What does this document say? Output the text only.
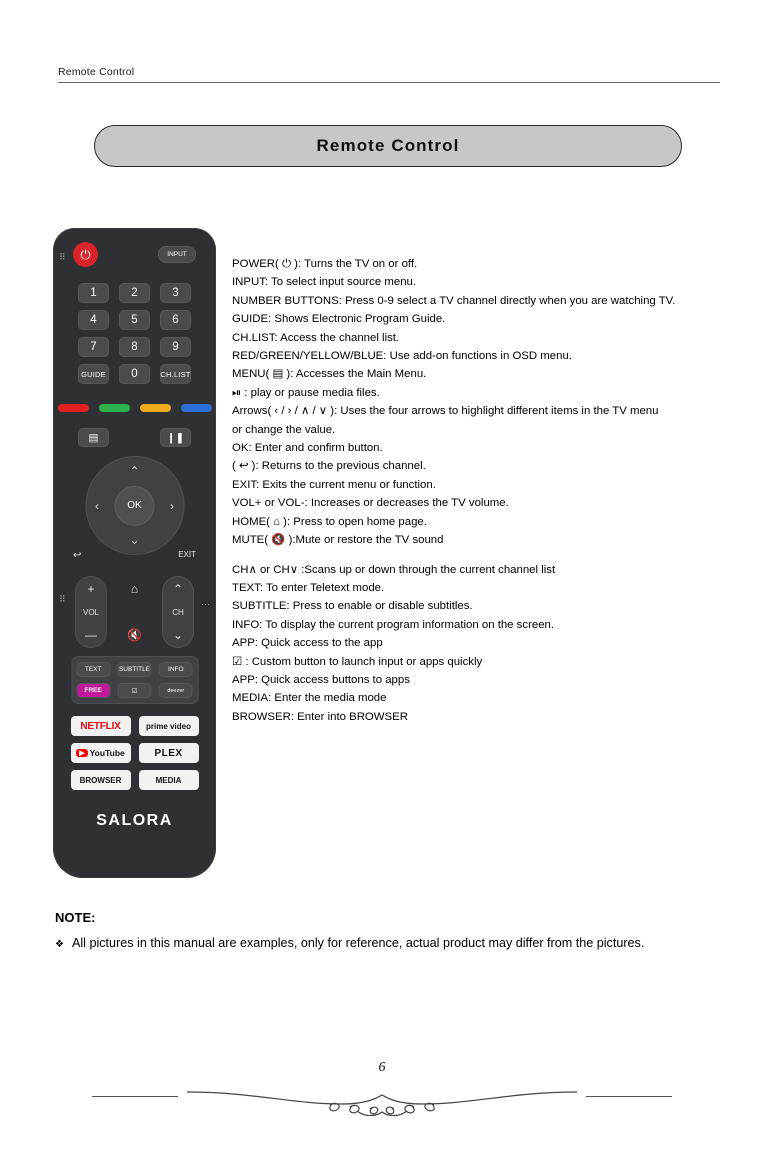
Remote Control
Remote Control
⠿
⠿	⋯
⏻	INPUT
1	2	3
4	5	6
7	8	9
GUIDE	0	CH.LIST
▤	❙❚
⌃
⌄
‹	›
OK
↩	EXIT
+
VOL
—
⌂
🔇
⌃
CH
⌄
TEXT	SUBTITLE	INFO
FREE	☑	deezer
NETFLIX	prime video
▶ YouTube	PLEX
BROWSER	MEDIA
SALORA

POWER( ⏻ ): Turns the TV on or off.

INPUT: To select input source menu.

NUMBER BUTTONS: Press 0-9 select a TV channel directly when you are watching TV.

GUIDE: Shows Electronic Program Guide.

CH.LIST: Access the channel list.

RED/GREEN/YELLOW/BLUE: Use add-on functions in OSD menu.

MENU( ▤ ): Accesses the Main Menu.

⏯ : play or pause media files.

Arrows( ‹ / › / ∧ / ∨ ): Uses the four arrows to highlight different items in the TV menu

or change the value.

OK: Enter and confirm button.

( ↩ ): Returns to the previous channel.

EXIT: Exits the current menu or function.

VOL+ or VOL-: Increases or decreases the TV volume.

HOME( ⌂ ): Press to open home page.

MUTE( 🔇 ):Mute or restore the TV sound

CH∧ or CH∨ :Scans up or down through the current channel list

TEXT: To enter Teletext mode.

SUBTITLE: Press to enable or disable subtitles.

INFO: To display the current program information on the screen.

APP: Quick access to the app

☑ : Custom button to launch input or apps quickly

APP: Quick access buttons to apps

MEDIA: Enter the media mode

BROWSER: Enter into BROWSER

NOTE:
❖ All pictures in this manual are examples, only for reference, actual product may differ from the pictures.
6
